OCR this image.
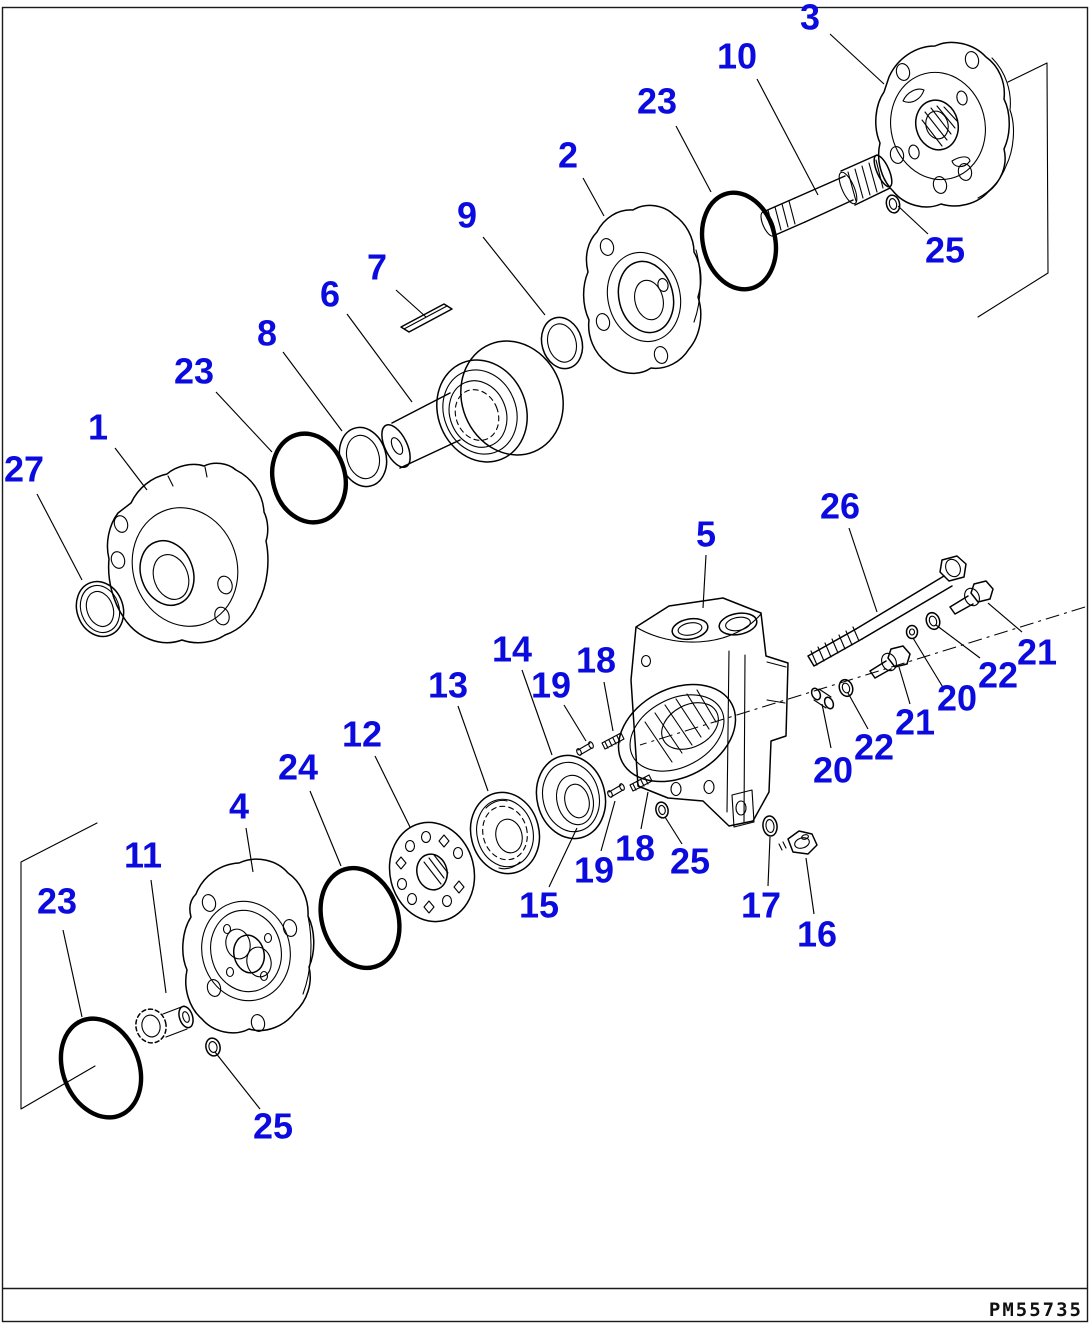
1
2
3
4
5
6
7
8
9
10
11
12
13
14
15
16
17
18
19
18
19
20
20
21
21
22
22
23
23
23
24
25
25
25
26
27
PM55735
